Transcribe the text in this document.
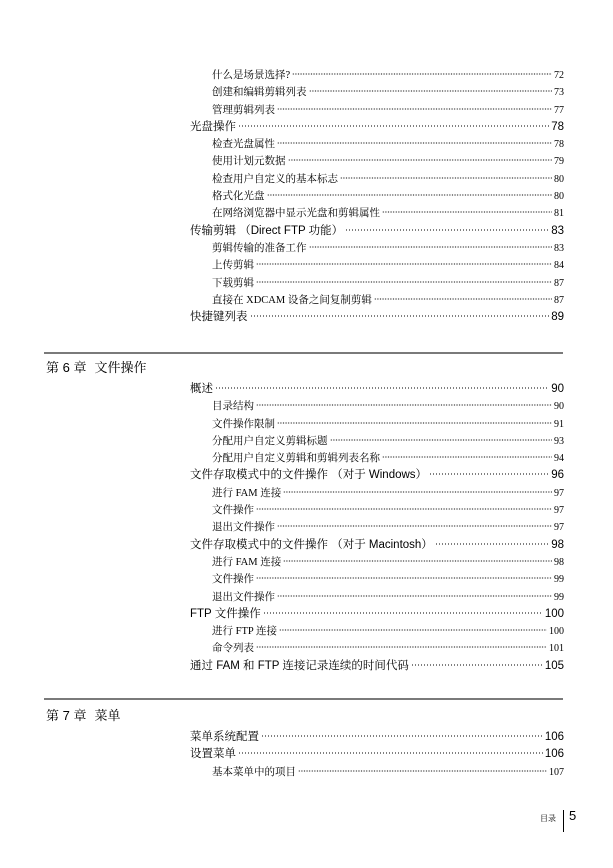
什么是场景选择?	72
创建和编辑剪辑列表	73
管理剪辑列表	77
光盘操作	78
检查光盘属性	78
使用计划元数据	79
检查用户自定义的基本标志	80
格式化光盘	80
在网络浏览器中显示光盘和剪辑属性	81
传输剪辑 （Direct FTP 功能）	83
剪辑传输的准备工作	83
上传剪辑	84
下载剪辑	87
直接在 XDCAM 设备之间复制剪辑	87
快捷键列表	89
第 6 章 文件操作
概述	90
目录结构	90
文件操作限制	91
分配用户自定义剪辑标题	93
分配用户自定义剪辑和剪辑列表名称	94
文件存取模式中的文件操作 （对于 Windows）	96
进行 FAM 连接	97
文件操作	97
退出文件操作	97
文件存取模式中的文件操作 （对于 Macintosh）	98
进行 FAM 连接	98
文件操作	99
退出文件操作	99
FTP 文件操作	100
进行 FTP 连接	100
命令列表	101
通过 FAM 和 FTP 连接记录连续的时间代码	105
第 7 章 菜单
菜单系统配置	106
设置菜单	106
基本菜单中的项目	107
目录 5
